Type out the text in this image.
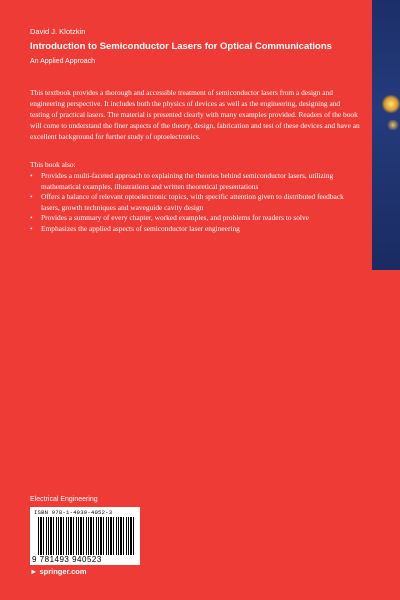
David J. Klotzkin
Introduction to Semiconductor Lasers for Optical Communications
An Applied Approach

This textbook provides a thorough and accessible treatment of semiconductor lasers from a design and engineering perspective. It includes both the physics of devices as well as the engineering, designing and testing of practical lasers. The material is presented clearly with many examples provided. Readers of the book will come to understand the finer aspects of the theory, design, fabrication and test of these devices and have an excellent background for further study of optoelectronics.

This book also:
• Provides a multi-faceted approach to explaining the theories behind semiconductor lasers, utilizing mathematical examples, illustrations and written theoretical presentations
• Offers a balance of relevant optoelectronic topics, with specific attention given to distributed feedback lasers, growth techniques and waveguide cavity design
• Provides a summary of every chapter, worked examples, and problems for readers to solve
• Emphasizes the applied aspects of semiconductor laser engineering
Electrical Engineering
ISBN 978-1-4939-4052-3
9 781493 940523
► springer.com
